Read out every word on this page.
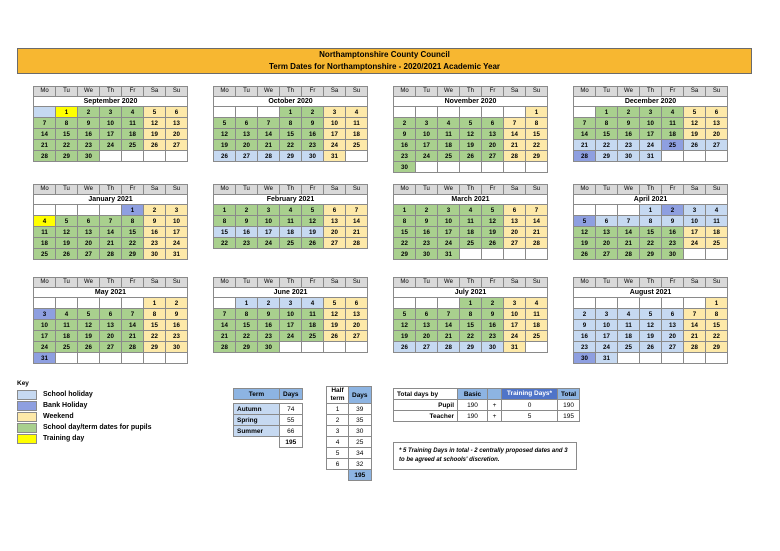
Northamptonshire County Council
Term Dates for Northamptonshire - 2020/2021 Academic Year
Mo	Tu	We	Th	Fr	Sa	Su
September 2020						
	1	2	3	4	5	6
7	8	9	10	11	12	13
14	15	16	17	18	19	20
21	22	23	24	25	26	27
28	29	30				
Mo	Tu	We	Th	Fr	Sa	Su
October 2020						
			1	2	3	4
5	6	7	8	9	10	11
12	13	14	15	16	17	18
19	20	21	22	23	24	25
26	27	28	29	30	31	
Mo	Tu	We	Th	Fr	Sa	Su
November 2020						
						1
2	3	4	5	6	7	8
9	10	11	12	13	14	15
16	17	18	19	20	21	22
23	24	25	26	27	28	29
30						
Mo	Tu	We	Th	Fr	Sa	Su
December 2020						
	1	2	3	4	5	6
7	8	9	10	11	12	13
14	15	16	17	18	19	20
21	22	23	24	25	26	27
28	29	30	31			
Mo	Tu	We	Th	Fr	Sa	Su
January 2021						
				1	2	3
4	5	6	7	8	9	10
11	12	13	14	15	16	17
18	19	20	21	22	23	24
25	26	27	28	29	30	31
Mo	Tu	We	Th	Fr	Sa	Su
February 2021						
1	2	3	4	5	6	7
8	9	10	11	12	13	14
15	16	17	18	19	20	21
22	23	24	25	26	27	28
Mo	Tu	We	Th	Fr	Sa	Su
March 2021						
1	2	3	4	5	6	7
8	9	10	11	12	13	14
15	16	17	18	19	20	21
22	23	24	25	26	27	28
29	30	31				
Mo	Tu	We	Th	Fr	Sa	Su
April 2021						
			1	2	3	4
5	6	7	8	9	10	11
12	13	14	15	16	17	18
19	20	21	22	23	24	25
26	27	28	29	30		
Mo	Tu	We	Th	Fr	Sa	Su
May 2021						
					1	2
3	4	5	6	7	8	9
10	11	12	13	14	15	16
17	18	19	20	21	22	23
24	25	26	27	28	29	30
31						
Mo	Tu	We	Th	Fr	Sa	Su
June 2021						
	1	2	3	4	5	6
7	8	9	10	11	12	13
14	15	16	17	18	19	20
21	22	23	24	25	26	27
28	29	30				
Mo	Tu	We	Th	Fr	Sa	Su
July 2021						
			1	2	3	4
5	6	7	8	9	10	11
12	13	14	15	16	17	18
19	20	21	22	23	24	25
26	27	28	29	30	31	
Mo	Tu	We	Th	Fr	Sa	Su
August 2021						
						1
2	3	4	5	6	7	8
9	10	11	12	13	14	15
16	17	18	19	20	21	22
23	24	25	26	27	28	29
30	31					
Key
School holiday
Bank Holiday
Weekend
School day/term dates for pupils
Training day
Term	Days

Autumn	74
Spring	55
Summer	66
	195
Half term	Days
1	39
2	35
3	30
4	25
5	34
6	32
	195
Total days by	Basic		Training Days*	Total
Pupil	190	+	0	190
Teacher	190	+	5	195
* 5 Training Days in total - 2 centrally proposed dates and 3 to be agreed at schools' discretion.
